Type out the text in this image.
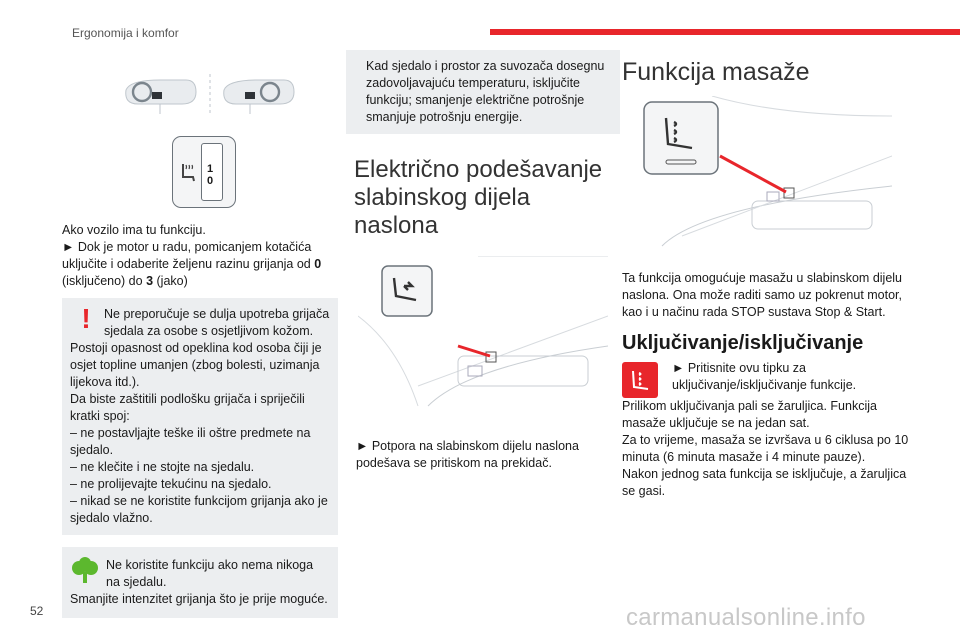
Ergonomija i komfor
1
0

Ako vozilo ima tu funkciju.

► Dok je motor u radu, pomicanjem kotačića uključite i odaberite željenu razinu grijanja od 0 (isključeno) do 3 (jako)

!	Ne preporučuje se dulja upotreba grijača sjedala za osobe s osjetljivom kožom.

Postoji opasnost od opeklina kod osoba čiji je osjet topline umanjen (zbog bolesti, uzimanja lijekova itd.).

Da biste zaštitili podlošku grijača i spriječili kratki spoj:

– ne postavljajte teške ili oštre predmete na sjedalo.

– ne klečite i ne stojte na sjedalu.

– ne prolijevajte tekućinu na sjedalo.

– nikad se ne koristite funkcijom grijanja ako je sjedalo vlažno.

Ne koristite funkciju ako nema nikoga na sjedalu.

Smanjite intenzitet grijanja što je prije moguće.

Kad sjedalo i prostor za suvozača dosegnu zadovoljavajuću temperaturu, isključite funkciju; smanjenje električne potrošnje smanjuje potrošnju energije.

Električno podešavanje slabinskog dijela naslona

► Potpora na slabinskom dijelu naslona podešava se pritiskom na prekidač.

Funkcija masaže

Ta funkcija omogućuje masažu u slabinskom dijelu naslona. Ona može raditi samo uz pokrenut motor, kao i u načinu rada STOP sustava Stop & Start.

Uključivanje/isključivanje

► Pritisnite ovu tipku za uključivanje/isključivanje funkcije.

Prilikom uključivanja pali se žaruljica. Funkcija masaže uključuje se na jedan sat.

Za to vrijeme, masaža se izvršava u 6 ciklusa po 10 minuta (6 minuta masaže i 4 minute pauze).

Nakon jednog sata funkcija se isključuje, a žaruljica se gasi.

52	carmanualsonline.info
